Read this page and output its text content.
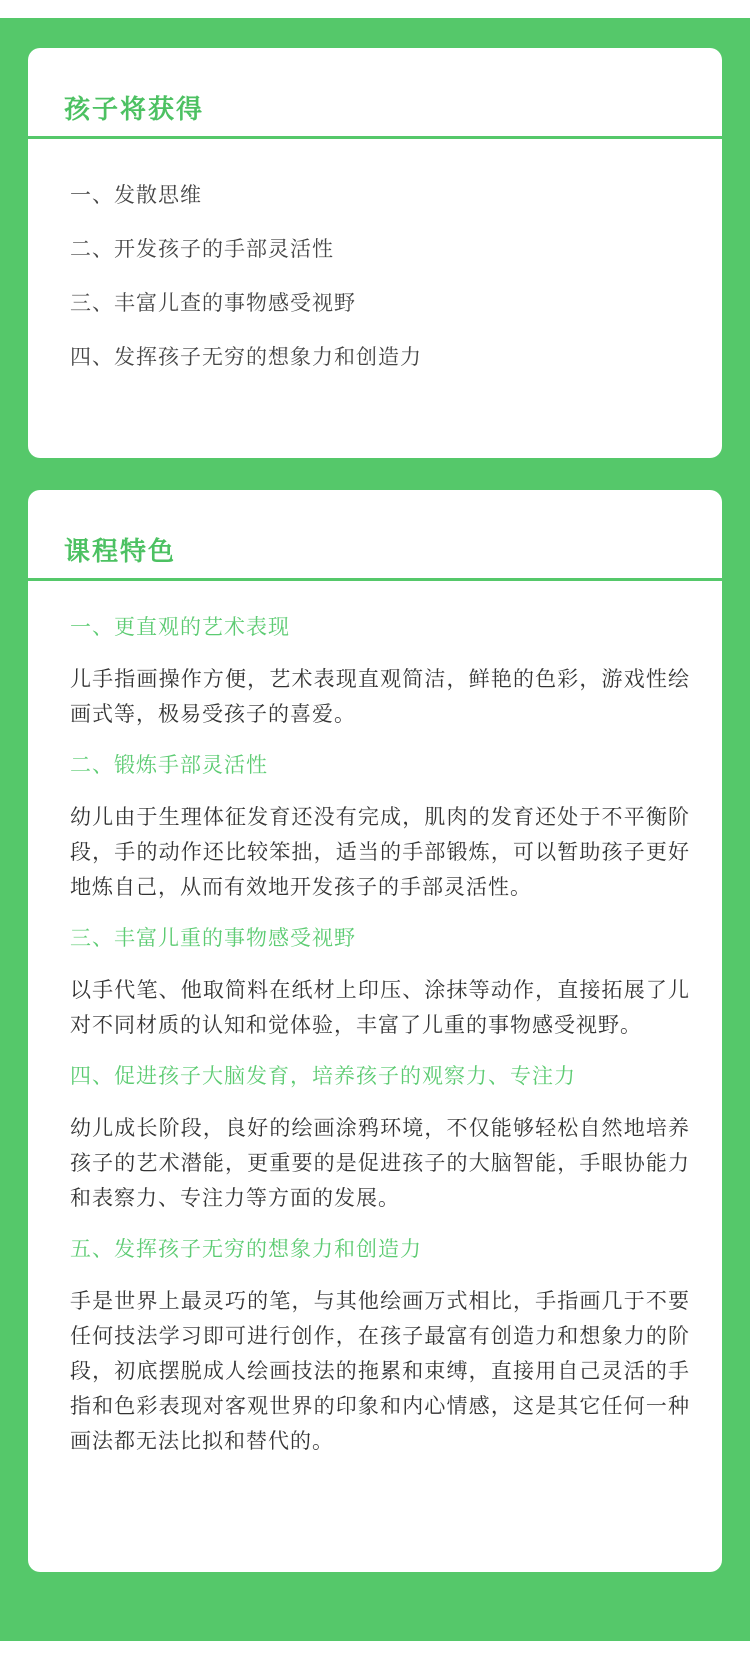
孩子将获得
一、发散思维
二、开发孩子的手部灵活性
三、丰富儿查的事物感受视野
四、发挥孩子无穷的想象力和创造力
课程特色

一、更直观的艺术表现

儿手指画操作方便，艺术表现直观简洁，鲜艳的色彩，游戏性绘画式等，极易受孩子的喜爱。

二、锻炼手部灵活性

幼儿由于生理体征发育还没有完成，肌肉的发育还处于不平衡阶段，手的动作还比较笨拙，适当的手部锻炼，可以暂助孩子更好地炼自己，从而有效地开发孩子的手部灵活性。

三、丰富儿重的事物感受视野

以手代笔、他取简料在纸材上印压、涂抹等动作，直接拓展了儿对不同材质的认知和觉体验，丰富了儿重的事物感受视野。

四、促进孩子大脑发育，培养孩子的观察力、专注力

幼儿成长阶段，良好的绘画涂鸦环境，不仅能够轻松自然地培养孩子的艺术潜能，更重要的是促进孩子的大脑智能，手眼协能力和表察力、专注力等方面的发展。

五、发挥孩子无穷的想象力和创造力

手是世界上最灵巧的笔，与其他绘画万式相比，手指画几于不要任何技法学习即可进行创作，在孩子最富有创造力和想象力的阶段，初底摆脱成人绘画技法的拖累和束缚，直接用自己灵活的手指和色彩表现对客观世界的印象和内心情感，这是其它任何一种画法都无法比拟和替代的。
